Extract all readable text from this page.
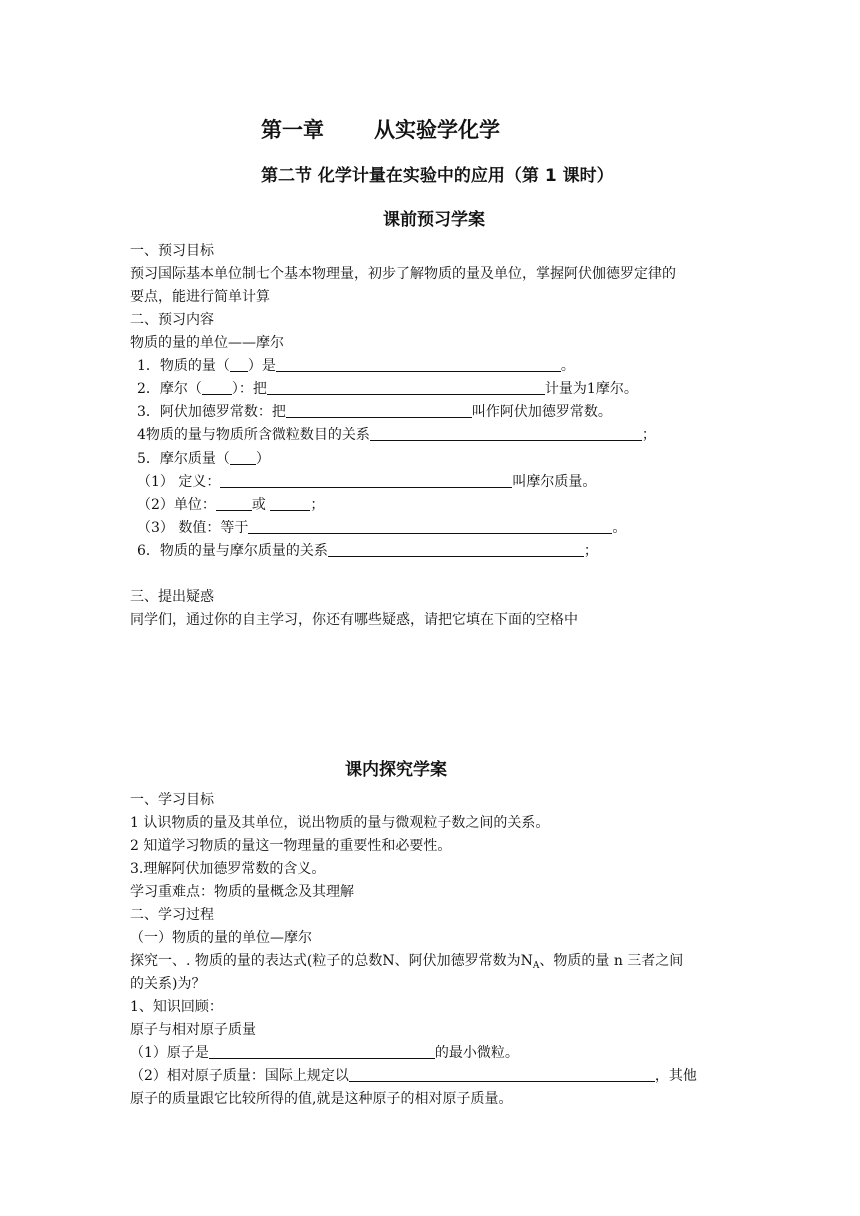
第一章 从实验学化学
第二节 化学计量在实验中的应用（第 1 课时）
课前预习学案
一、预习目标
预习国际基本单位制七个基本物理量，初步了解物质的量及单位，掌握阿伏伽德罗定律的
要点，能进行简单计算
二、预习内容
物质的量的单位——摩尔
1．物质的量（ ）是	。
2．摩尔（ ）：把	计量为1摩尔。
3．阿伏加德罗常数：把	叫作阿伏加德罗常数。
4物质的量与物质所含微粒数目的关系	；
5．摩尔质量（ ）
（1） 定义：	叫摩尔质量。
（2）单位：	或	；
（3） 数值：等于	。
6．物质的量与摩尔质量的关系	；
三、提出疑惑
同学们，通过你的自主学习，你还有哪些疑惑，请把它填在下面的空格中
课内探究学案
一、学习目标
1 认识物质的量及其单位，说出物质的量与微观粒子数之间的关系。
2 知道学习物质的量这一物理量的重要性和必要性。
3.理解阿伏加德罗常数的含义。
学习重难点：物质的量概念及其理解
二、学习过程
（一）物质的量的单位—摩尔
探究一、. 物质的量的表达式(粒子的总数N、阿伏加德罗常数为$N_A$、物质的量 n 三者之间
的关系)为？
1、知识回顾：
原子与相对原子质量
（1）原子是	的最小微粒。
（2）相对原子质量：国际上规定以	，其他
原子的质量跟它比较所得的值,就是这种原子的相对原子质量。
